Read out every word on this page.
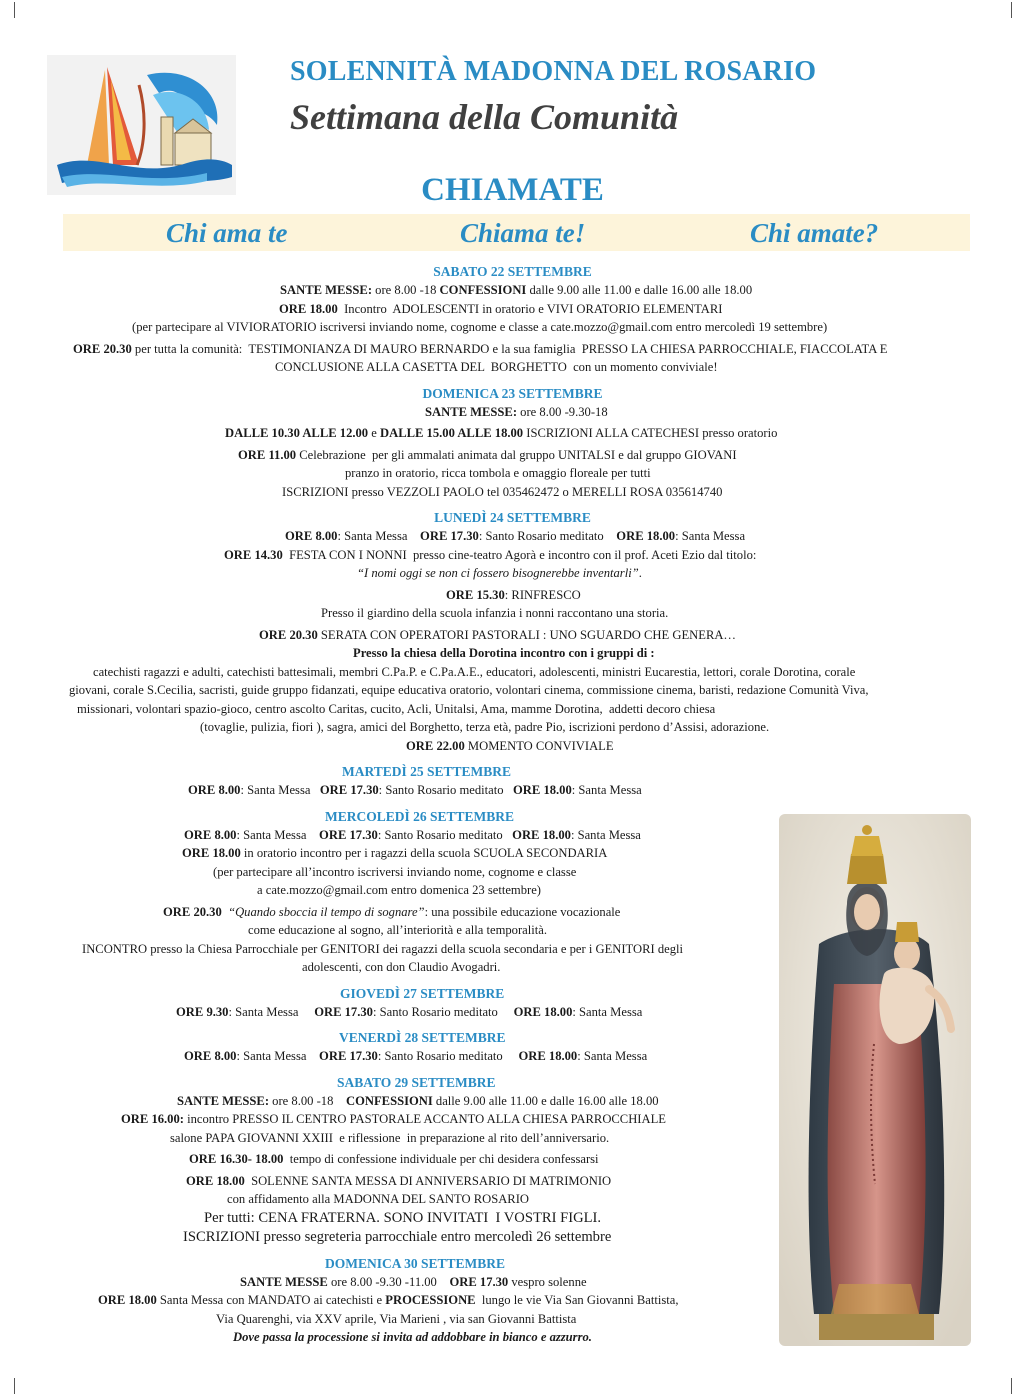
SOLENNITÀ MADONNA DEL ROSARIO
Settimana della Comunità
CHIAMATE
Chi ama te	Chiama te!	Chi amate?
SABATO 22 SETTEMBRE
SANTE MESSE: ore 8.00 -18 CONFESSIONI dalle 9.00 alle 11.00 e dalle 16.00 alle 18.00
ORE 18.00  Incontro  ADOLESCENTI in oratorio e VIVI ORATORIO ELEMENTARI
(per partecipare al VIVIORATORIO iscriversi inviando nome, cognome e classe a cate.mozzo@gmail.com entro mercoledì 19 settembre)
ORE 20.30 per tutta la comunità:  TESTIMONIANZA DI MAURO BERNARDO e la sua famiglia  PRESSO LA CHIESA PARROCCHIALE, FIACCOLATA E
CONCLUSIONE ALLA CASETTA DEL  BORGHETTO  con un momento conviviale!
DOMENICA 23 SETTEMBRE
SANTE MESSE: ore 8.00 -9.30-18
DALLE 10.30 ALLE 12.00 e DALLE 15.00 ALLE 18.00 ISCRIZIONI ALLA CATECHESI presso oratorio
ORE 11.00 Celebrazione  per gli ammalati animata dal gruppo UNITALSI e dal gruppo GIOVANI
pranzo in oratorio, ricca tombola e omaggio floreale per tutti
ISCRIZIONI presso VEZZOLI PAOLO tel 035462472 o MERELLI ROSA 035614740
LUNEDÌ 24 SETTEMBRE
ORE 8.00: Santa Messa    ORE 17.30: Santo Rosario meditato    ORE 18.00: Santa Messa
ORE 14.30  FESTA CON I NONNI  presso cine-teatro Agorà e incontro con il prof. Aceti Ezio dal titolo:
“I nomi oggi se non ci fossero bisognerebbe inventarli”.
ORE 15.30: RINFRESCO
Presso il giardino della scuola infanzia i nonni raccontano una storia.
ORE 20.30 SERATA CON OPERATORI PASTORALI : UNO SGUARDO CHE GENERA…
Presso la chiesa della Dorotina incontro con i gruppi di :
catechisti ragazzi e adulti, catechisti battesimali, membri C.Pa.P. e C.Pa.A.E., educatori, adolescenti, ministri Eucarestia, lettori, corale Dorotina, corale
giovani, corale S.Cecilia, sacristi, guide gruppo fidanzati, equipe educativa oratorio, volontari cinema, commissione cinema, baristi, redazione Comunità Viva,
missionari, volontari spazio-gioco, centro ascolto Caritas, cucito, Acli, Unitalsi, Ama, mamme Dorotina,  addetti decoro chiesa
(tovaglie, pulizia, fiori ), sagra, amici del Borghetto, terza età, padre Pio, iscrizioni perdono d’Assisi, adorazione.
ORE 22.00 MOMENTO CONVIVIALE
MARTEDÌ 25 SETTEMBRE
ORE 8.00: Santa Messa   ORE 17.30: Santo Rosario meditato   ORE 18.00: Santa Messa
MERCOLEDÌ 26 SETTEMBRE
ORE 8.00: Santa Messa    ORE 17.30: Santo Rosario meditato   ORE 18.00: Santa Messa
ORE 18.00 in oratorio incontro per i ragazzi della scuola SCUOLA SECONDARIA
(per partecipare all’incontro iscriversi inviando nome, cognome e classe
a cate.mozzo@gmail.com entro domenica 23 settembre)
ORE 20.30 “Quando sboccia il tempo di sognare”: una possibile educazione vocazionale
come educazione al sogno, all’interiorità e alla temporalità.
INCONTRO presso la Chiesa Parrocchiale per GENITORI dei ragazzi della scuola secondaria e per i GENITORI degli
adolescenti, con don Claudio Avogadri.
GIOVEDÌ 27 SETTEMBRE
ORE 9.30: Santa Messa     ORE 17.30: Santo Rosario meditato     ORE 18.00: Santa Messa
VENERDÌ 28 SETTEMBRE
ORE 8.00: Santa Messa    ORE 17.30: Santo Rosario meditato     ORE 18.00: Santa Messa
SABATO 29 SETTEMBRE
SANTE MESSE: ore 8.00 -18    CONFESSIONI dalle 9.00 alle 11.00 e dalle 16.00 alle 18.00
ORE 16.00: incontro PRESSO IL CENTRO PASTORALE ACCANTO ALLA CHIESA PARROCCHIALE
salone PAPA GIOVANNI XXIII  e riflessione  in preparazione al rito dell’anniversario.
ORE 16.30- 18.00  tempo di confessione individuale per chi desidera confessarsi
ORE 18.00  SOLENNE SANTA MESSA DI ANNIVERSARIO DI MATRIMONIO
con affidamento alla MADONNA DEL SANTO ROSARIO
Per tutti: CENA FRATERNA. SONO INVITATI  I VOSTRI FIGLI.
ISCRIZIONI presso segreteria parrocchiale entro mercoledì 26 settembre
DOMENICA 30 SETTEMBRE
SANTE MESSE ore 8.00 -9.30 -11.00    ORE 17.30 vespro solenne
ORE 18.00 Santa Messa con MANDATO ai catechisti e PROCESSIONE  lungo le vie Via San Giovanni Battista,
Via Quarenghi, via XXV aprile, Via Marieni , via san Giovanni Battista
Dove passa la processione si invita ad addobbare in bianco e azzurro.
